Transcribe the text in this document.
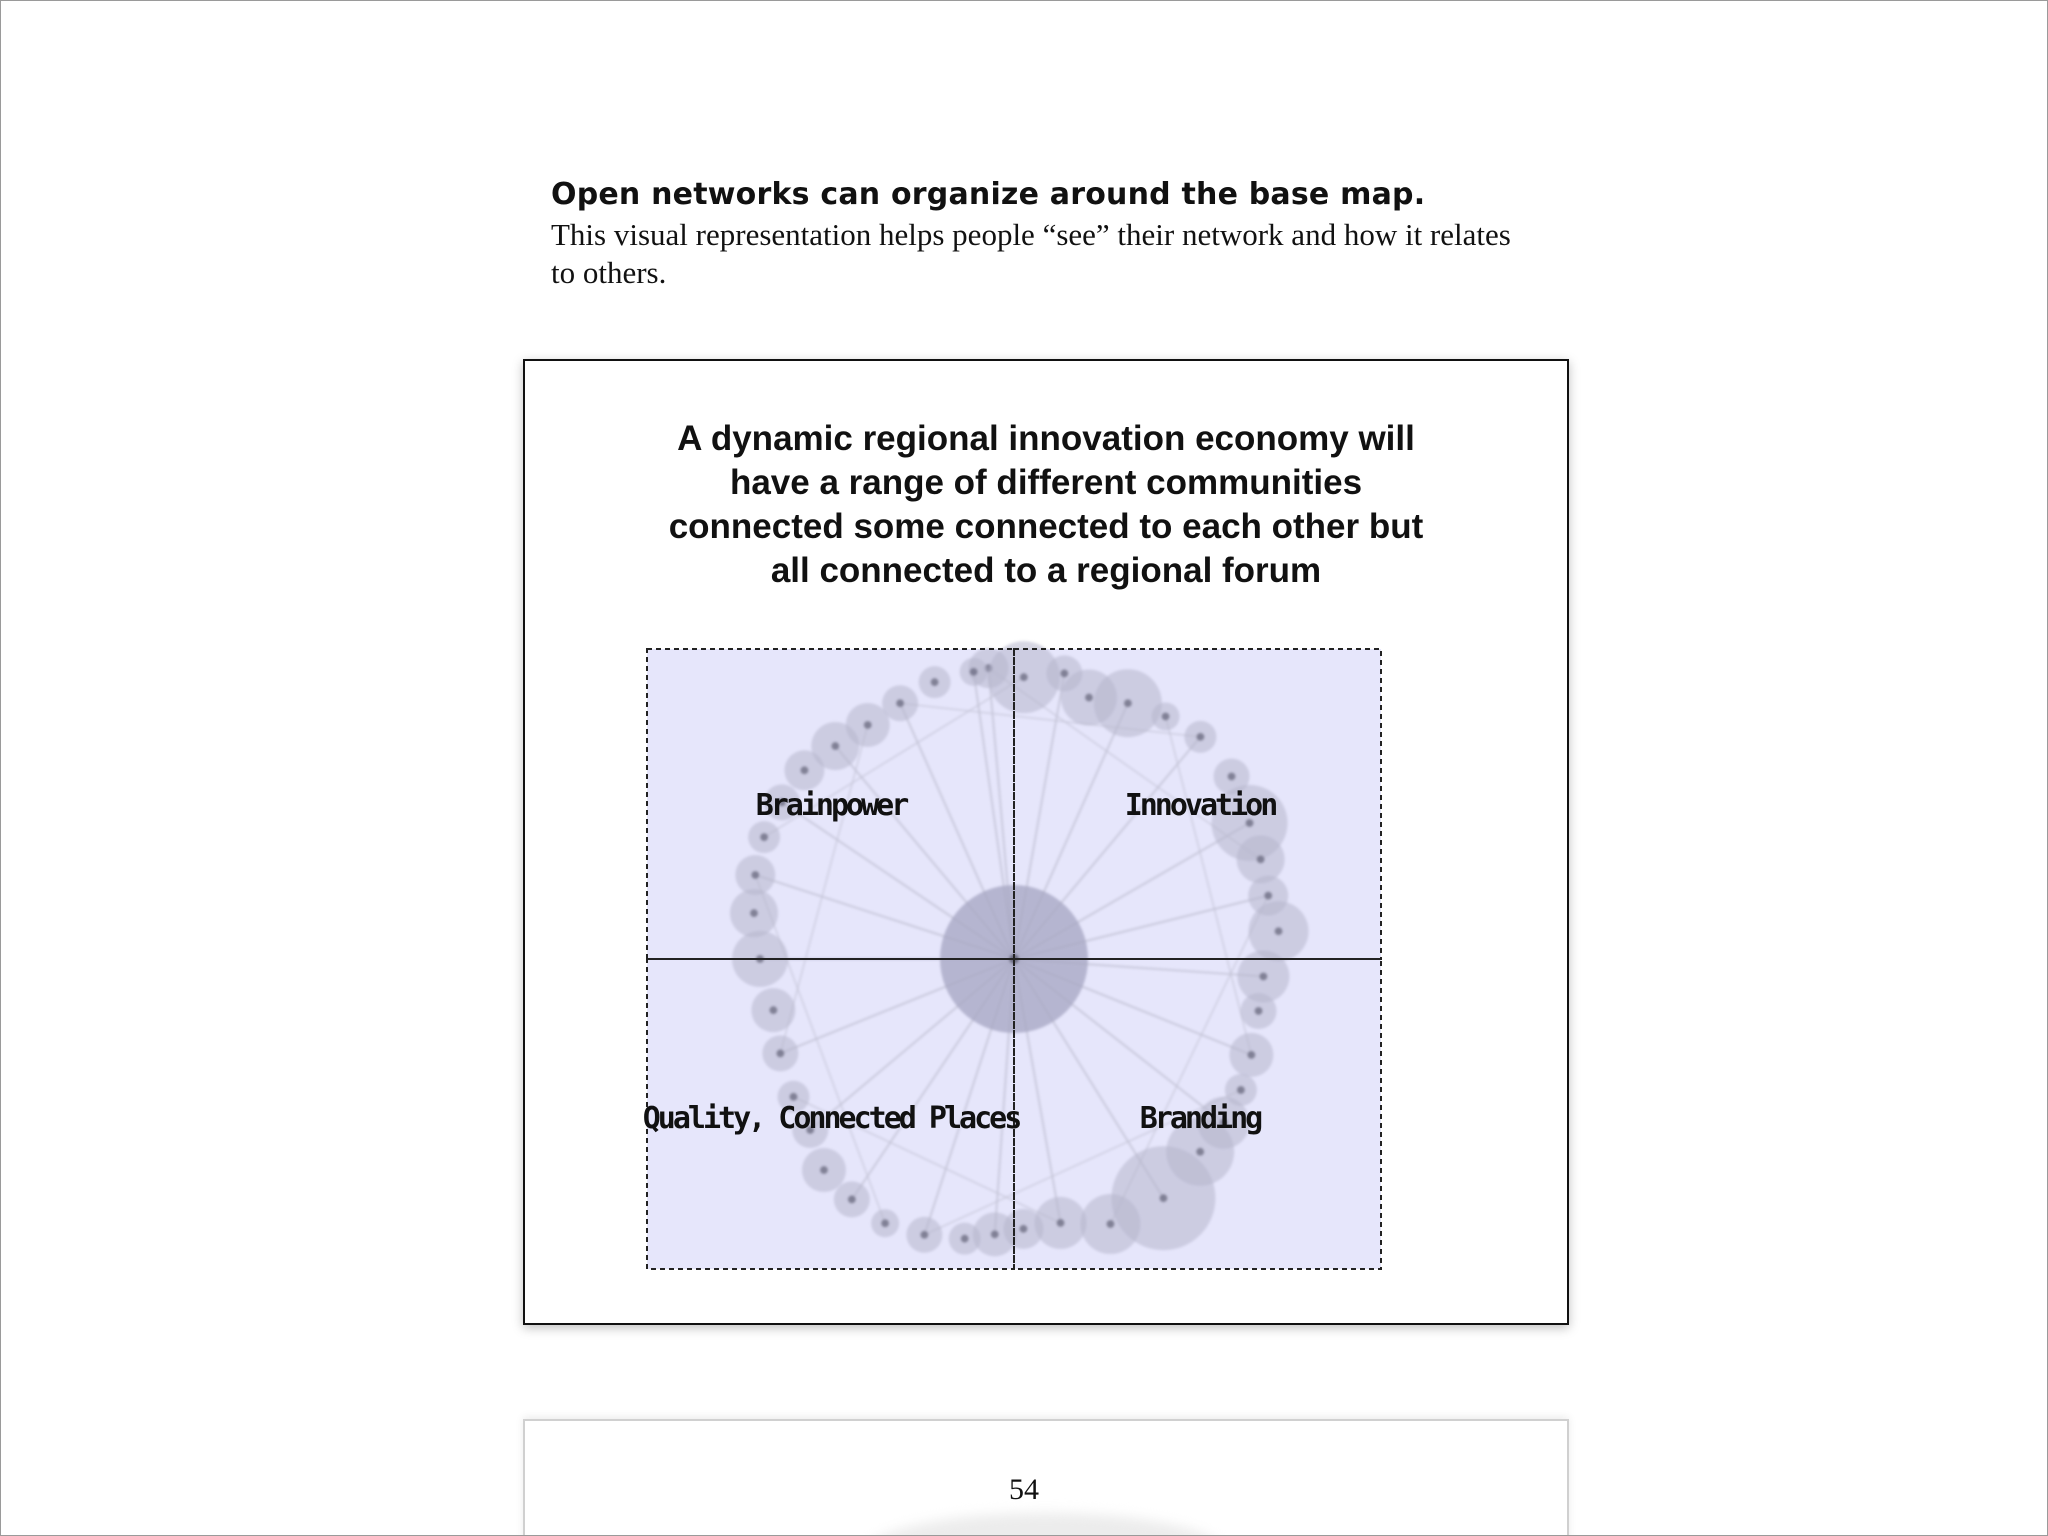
Open networks can organize around the base map.

This visual representation helps people “see” their network and how it relates to others.

A dynamic regional innovation economy will
have a range of different communities
connected some connected to each other but
all connected to a regional forum
Brainpower	Innovation
Quality, Connected Places	Branding
54
